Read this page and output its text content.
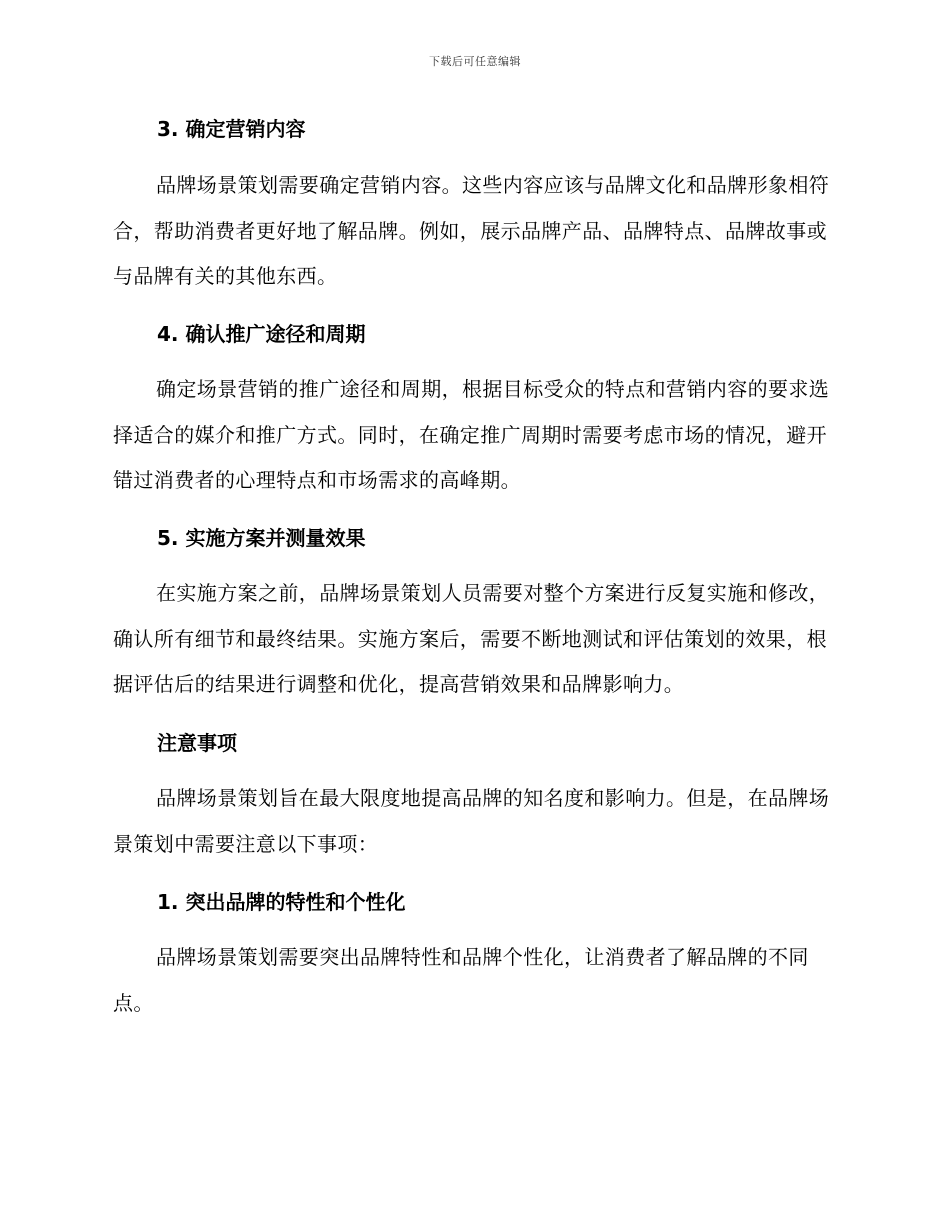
下载后可任意编辑
3. 确定营销内容
品牌场景策划需要确定营销内容。这些内容应该与品牌文化和品牌形象相符合，帮助消费者更好地了解品牌。例如，展示品牌产品、品牌特点、品牌故事或与品牌有关的其他东西。
4. 确认推广途径和周期
确定场景营销的推广途径和周期，根据目标受众的特点和营销内容的要求选择适合的媒介和推广方式。同时，在确定推广周期时需要考虑市场的情况，避开错过消费者的心理特点和市场需求的高峰期。
5. 实施方案并测量效果
在实施方案之前，品牌场景策划人员需要对整个方案进行反复实施和修改，确认所有细节和最终结果。实施方案后，需要不断地测试和评估策划的效果，根据评估后的结果进行调整和优化，提高营销效果和品牌影响力。
注意事项
品牌场景策划旨在最大限度地提高品牌的知名度和影响力。但是，在品牌场景策划中需要注意以下事项：
1. 突出品牌的特性和个性化
品牌场景策划需要突出品牌特性和品牌个性化，让消费者了解品牌的不同点。
